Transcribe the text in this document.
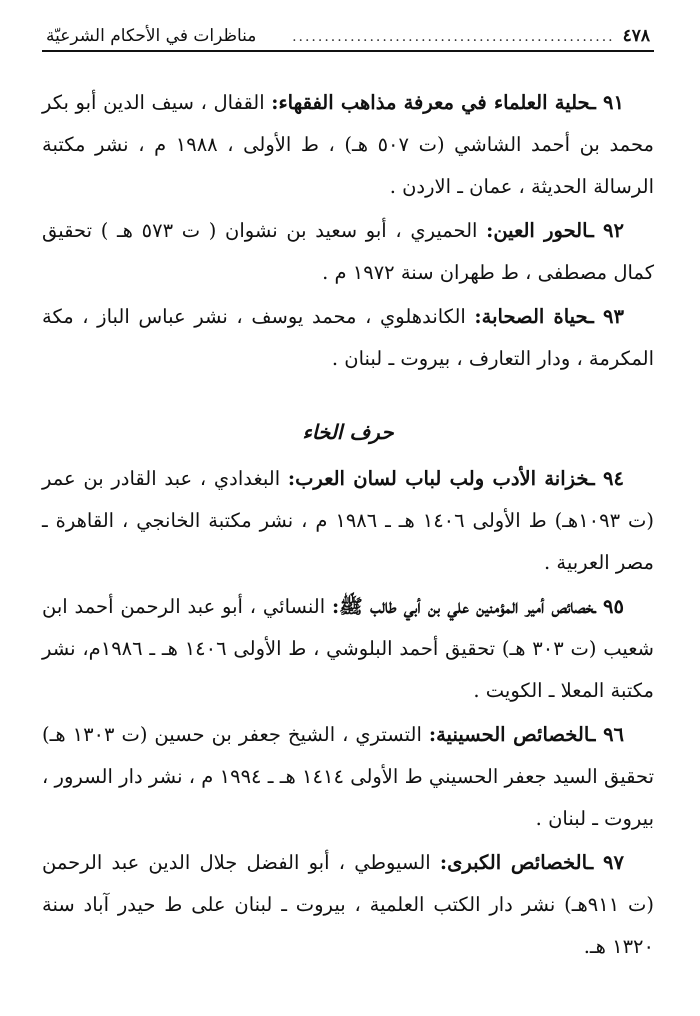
٤٧٨
..................................................
مناظرات في الأحكام الشرعيّة

٩١ ـحلية العلماء في معرفة مذاهب الفقهاء: القفال ، سيف الدين أبو بكر محمد بن أحمد الشاشي (ت ٥٠٧ هـ) ، ط الأولى ، ١٩٨٨ م ، نشر مكتبة الرسالة الحديثة ، عمان ـ الاردن .

٩٢ ـالحور العين: الحميري ، أبو سعيد بن نشوان ( ت ٥٧٣ هـ ) تحقيق كمال مصطفى ، ط طهران سنة ١٩٧٢ م .

٩٣ ـحياة الصحابة: الكاندهلوي ، محمد يوسف ، نشر عباس الباز ، مكة المكرمة ، ودار التعارف ، بيروت ـ لبنان .

حرف الخاء

٩٤ ـخزانة الأدب ولب لباب لسان العرب: البغدادي ، عبد القادر بن عمر (ت ١٠٩٣هـ) ط الأولى ١٤٠٦ هـ ـ ١٩٨٦ م ، نشر مكتبة الخانجي ، القاهرة ـ مصر العربية .

٩٥ ـخصائص أمير المؤمنين علي بن أبي طالب ﷺ: النسائي ، أبو عبد الرحمن أحمد ابن شعيب (ت ٣٠٣ هـ) تحقيق أحمد البلوشي ، ط الأولى ١٤٠٦ هـ ـ ١٩٨٦م، نشر مكتبة المعلا ـ الكويت .

٩٦ ـالخصائص الحسينية: التستري ، الشيخ جعفر بن حسين (ت ١٣٠٣ هـ) تحقيق السيد جعفر الحسيني ط الأولى ١٤١٤ هـ ـ ١٩٩٤ م ، نشر دار السرور ، بيروت ـ لبنان .

٩٧ ـالخصائص الكبرى: السيوطي ، أبو الفضل جلال الدين عبد الرحمن (ت ٩١١هـ) نشر دار الكتب العلمية ، بيروت ـ لبنان على ط حيدر آباد سنة ١٣٢٠ هـ.
